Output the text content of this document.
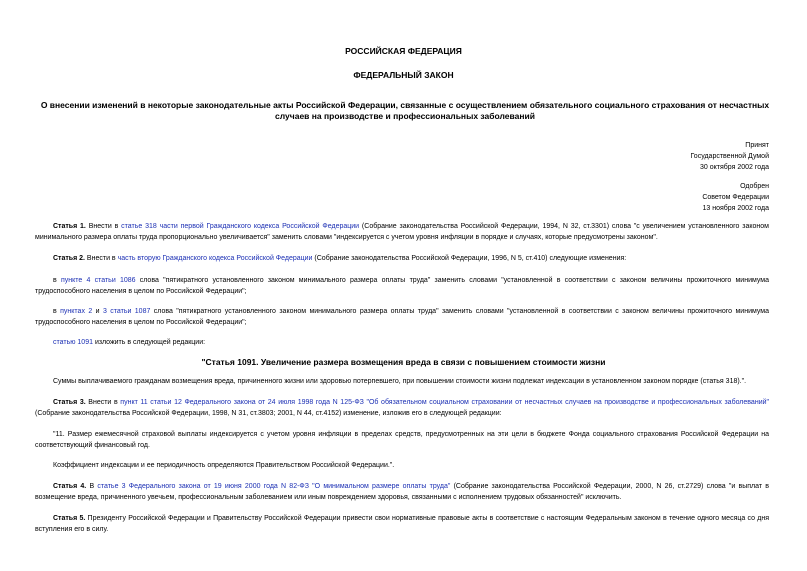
РОССИЙСКАЯ ФЕДЕРАЦИЯ
ФЕДЕРАЛЬНЫЙ ЗАКОН
О внесении изменений в некоторые законодательные акты Российской Федерации, связанные с осуществлением обязательного социального страхования от несчастных случаев на производстве и профессиональных заболеваний
Принят
Государственной Думой
30 октября 2002 года
Одобрен
Советом Федерации
13 ноября 2002 года
Статья 1. Внести в статье 318 части первой Гражданского кодекса Российской Федерации (Собрание законодательства Российской Федерации, 1994, N 32, ст.3301) слова "с увеличением установленного законом минимального размера оплаты труда пропорционально увеличивается" заменить словами "индексируется с учетом уровня инфляции в порядке и случаях, которые предусмотрены законом".
Статья 2. Внести в часть вторую Гражданского кодекса Российской Федерации (Собрание законодательства Российской Федерации, 1996, N 5, ст.410) следующие изменения:
в пункте 4 статьи 1086 слова "пятикратного установленного законом минимального размера оплаты труда" заменить словами "установленной в соответствии с законом величины прожиточного минимума трудоспособного населения в целом по Российской Федерации";
в пунктах 2 и 3 статьи 1087 слова "пятикратного установленного законом минимального размера оплаты труда" заменить словами "установленной в соответствии с законом величины прожиточного минимума трудоспособного населения в целом по Российской Федерации";
статью 1091 изложить в следующей редакции:
"Статья 1091. Увеличение размера возмещения вреда в связи с повышением стоимости жизни
Суммы выплачиваемого гражданам возмещения вреда, причиненного жизни или здоровью потерпевшего, при повышении стоимости жизни подлежат индексации в установленном законом порядке (статья 318).".
Статья 3. Внести в пункт 11 статьи 12 Федерального закона от 24 июля 1998 года N 125-ФЗ "Об обязательном социальном страховании от несчастных случаев на производстве и профессиональных заболеваний" (Собрание законодательства Российской Федерации, 1998, N 31, ст.3803; 2001, N 44, ст.4152) изменение, изложив его в следующей редакции:
"11. Размер ежемесячной страховой выплаты индексируется с учетом уровня инфляции в пределах средств, предусмотренных на эти цели в бюджете Фонда социального страхования Российской Федерации на соответствующий финансовый год.
Коэффициент индексации и ее периодичность определяются Правительством Российской Федерации.".
Статья 4. В статье 3 Федерального закона от 19 июня 2000 года N 82-ФЗ "О минимальном размере оплаты труда" (Собрание законодательства Российской Федерации, 2000, N 26, ст.2729) слова "и выплат в возмещение вреда, причиненного увечьем, профессиональным заболеванием или иным повреждением здоровья, связанными с исполнением трудовых обязанностей" исключить.
Статья 5. Президенту Российской Федерации и Правительству Российской Федерации привести свои нормативные правовые акты в соответствие с настоящим Федеральным законом в течение одного месяца со дня вступления его в силу.
